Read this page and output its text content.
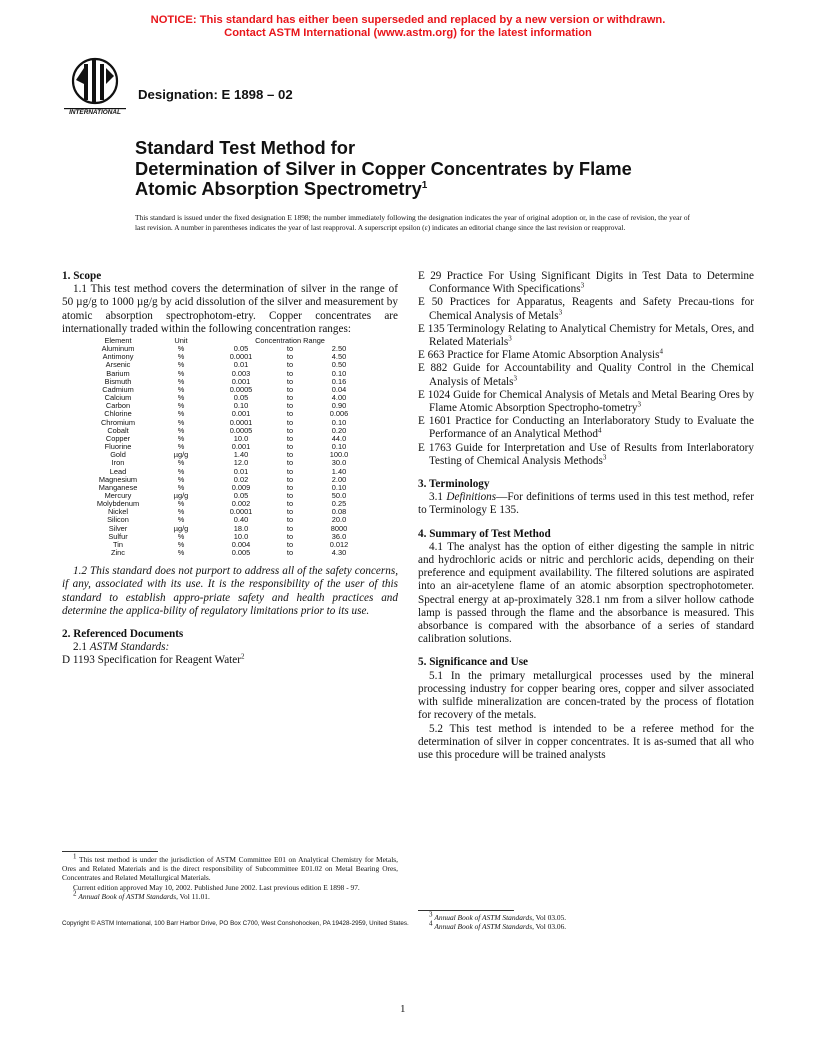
NOTICE: This standard has either been superseded and replaced by a new version or withdrawn.
Contact ASTM International (www.astm.org) for the latest information
INTERNATIONAL
Designation: E 1898 – 02
Standard Test Method for
Determination of Silver in Copper Concentrates by Flame
Atomic Absorption Spectrometry$^1$
This standard is issued under the fixed designation E 1898; the number immediately following the designation indicates the year of original adoption or, in the case of revision, the year of last revision. A number in parentheses indicates the year of last reapproval. A superscript epsilon (ε) indicates an editorial change since the last revision or reapproval.

1. Scope

1.1 This test method covers the determination of silver in the range of 50 µg/g to 1000 µg/g by acid dissolution of the silver and measurement by atomic absorption spectrophotom-etry. Copper concentrates are internationally traded within the following concentration ranges:

Element	Unit	Concentration Range		
Aluminum	%	0.05	to	2.50
Antimony	%	0.0001	to	4.50
Arsenic	%	0.01	to	0.50
Barium	%	0.003	to	0.10
Bismuth	%	0.001	to	0.16
Cadmium	%	0.0005	to	0.04
Calcium	%	0.05	to	4.00
Carbon	%	0.10	to	0.90
Chlorine	%	0.001	to	0.006
Chromium	%	0.0001	to	0.10
Cobalt	%	0.0005	to	0.20
Copper	%	10.0	to	44.0
Fluorine	%	0.001	to	0.10
Gold	µg/g	1.40	to	100.0
Iron	%	12.0	to	30.0
Lead	%	0.01	to	1.40
Magnesium	%	0.02	to	2.00
Manganese	%	0.009	to	0.10
Mercury	µg/g	0.05	to	50.0
Molybdenum	%	0.002	to	0.25
Nickel	%	0.0001	to	0.08
Silicon	%	0.40	to	20.0
Silver	µg/g	18.0	to	8000
Sulfur	%	10.0	to	36.0
Tin	%	0.004	to	0.012
Zinc	%	0.005	to	4.30

1.2 This standard does not purport to address all of the safety concerns, if any, associated with its use. It is the responsibility of the user of this standard to establish appro-priate safety and health practices and determine the applica-bility of regulatory limitations prior to its use.

2. Referenced Documents

2.1 ASTM Standards:

D 1193 Specification for Reagent Water$^2$

$^1$ This test method is under the jurisdiction of ASTM Committee E01 on Analytical Chemistry for Metals, Ores and Related Materials and is the direct responsibility of Subcommittee E01.02 on Metal Bearing Ores, Concentrates and Related Metallurgical Materials.

Current edition approved May 10, 2002. Published June 2002. Last previous edition E 1898 - 97.

$^2$ Annual Book of ASTM Standards, Vol 11.01.

E 29 Practice For Using Significant Digits in Test Data to Determine Conformance With Specifications$^3$

E 50 Practices for Apparatus, Reagents and Safety Precau-tions for Chemical Analysis of Metals$^3$

E 135 Terminology Relating to Analytical Chemistry for Metals, Ores, and Related Materials$^3$

E 663 Practice for Flame Atomic Absorption Analysis$^4$

E 882 Guide for Accountability and Quality Control in the Chemical Analysis of Metals$^3$

E 1024 Guide for Chemical Analysis of Metals and Metal Bearing Ores by Flame Atomic Absorption Spectropho-tometry$^3$

E 1601 Practice for Conducting an Interlaboratory Study to Evaluate the Performance of an Analytical Method$^4$

E 1763 Guide for Interpretation and Use of Results from Interlaboratory Testing of Chemical Analysis Methods$^3$

3. Terminology

3.1 Definitions—For definitions of terms used in this test method, refer to Terminology E 135.

4. Summary of Test Method

4.1 The analyst has the option of either digesting the sample in nitric and hydrochloric acids or nitric and perchloric acids, depending on their preference and equipment availability. The filtered solutions are aspirated into an air-acetylene flame of an atomic absorption spectrophotometer. Spectral energy at ap-proximately 328.1 nm from a silver hollow cathode lamp is passed through the flame and the absorbance is measured. This absorbance is compared with the absorbance of a series of standard calibration solutions.

5. Significance and Use

5.1 In the primary metallurgical processes used by the mineral processing industry for copper bearing ores, copper and silver associated with sulfide mineralization are concen-trated by the process of flotation for recovery of the metals.

5.2 This test method is intended to be a referee method for the determination of silver in copper concentrates. It is as-sumed that all who use this procedure will be trained analysts

$^3$ Annual Book of ASTM Standards, Vol 03.05.

$^4$ Annual Book of ASTM Standards, Vol 03.06.

Copyright © ASTM International, 100 Barr Harbor Drive, PO Box C700, West Conshohocken, PA 19428-2959, United States.
1
